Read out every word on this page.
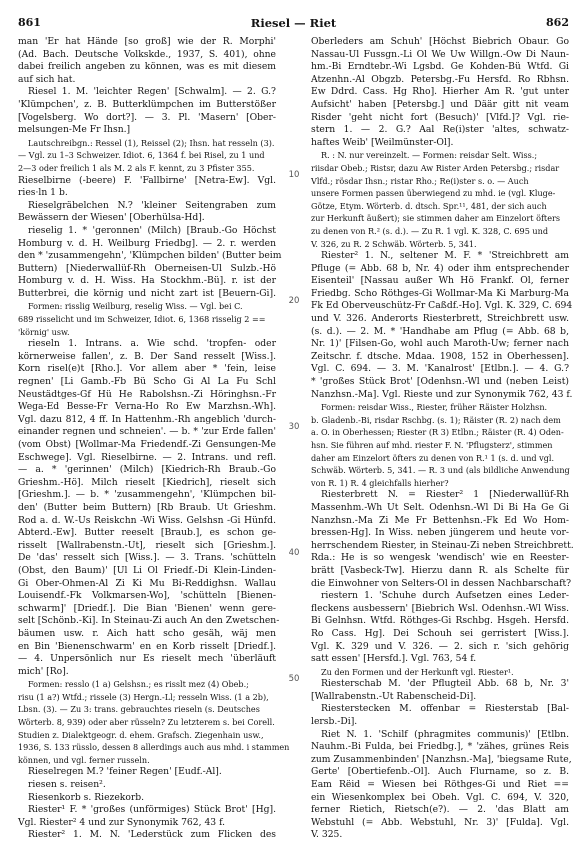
861	Riesel — Riet	862
man 'Er hat Hände [so groß] wie der R. Morphi'
(Ad. Bach. Deutsche Volkskde., 1937, S. 401), ohne
dabei freilich angeben zu können, was es mit diesem
auf sich hat.
Riesel 1. M. 'leichter Regen' [Schwalm]. — 2. G.?
'Klümpchen', z. B. Butterklümpchen im Butterstößer
[Vogelsberg. Wo dort?]. — 3. Pl. 'Masern' [Ober-
melsungen-Me Fr Ihsn.]
Lautschreibgn.: Ressel (1), Reissel (2); Ihsn. hat resseln (3).
— Vgl. zu 1–3 Schweizer. Idiot. 6, 1364 f. bei Risel, zu 1 und
2—3 oder freilich 1 als M. 2 als F. kennt, zu 3 Pfister 355.
Rieselbirne (-beere) F. 'Fallbirne' [Netra-Ew]. Vgl.
ries·ln 1 b.
Rieselgräbelchen N.? 'kleiner Seitengraben zum
Bewässern der Wiesen' [Oberhülsa-Hd].
rieselig 1. * 'geronnen' (Milch) [Braub.-Go Höchst
Homburg v. d. H. Weilburg Friedbg]. — 2. r. werden
den * 'zusammengehn', 'Klümpchen bilden' (Butter beim
Buttern) [Niederwallüf-Rh Oberneisen-Ul Sulzb.-Hö
Homburg v. d. H. Wiss. Ha Stockhm.-Bü]. r. ist der
Butterbrei, die körnig und nicht zart ist [Beuern-Gi].
Formen: risslig Weilburg, reselig Wiss. — Vgl. bei C.
689 risselicht und im Schweizer, Idiot. 6, 1368 risselig 2 ==
'körnig' usw.
rieseln 1. Intrans. a. Wie schd. 'tropfen- oder
körnerweise fallen', z. B. Der Sand resselt [Wiss.].
Korn risel(e)t [Rho.]. Vor allem aber * 'fein, leise
regnen' [Li Gamb.-Fb Bü Scho Gi Al La Fu Schl
Neustädtges-Gf Hü He Rabolshsn.-Zi Höringhsn.-Fr
Wega-Ed Besse-Fr Verna-Ho Ro Ew Marzhsn.-Wh].
Vgl. dazu 812, 4 ff. In Hattenhm.-Rh angeblich 'durch-
einander regnen und schneien'. — b. * 'zur Erde fallen'
(vom Obst) [Wollmar-Ma Friedendf.-Zi Gensungen-Me
Eschwege]. Vgl. Rieselbirne. — 2. Intrans. und refl.
— a. * 'gerinnen' (Milch) [Kiedrich-Rh Braub.-Go
Grieshm.-Hö]. Milch rieselt [Kiedrich], rieselt sich
[Grieshm.]. — b. * 'zusammengehn', 'Klümpchen bil-
den' (Butter beim Buttern) [Rb Braub. Ut Grieshm.
Rod a. d. W.-Us Reiskchn -Wi Wiss. Gelshsn -Gi Hünfd.
Abterd.-Ew]. Butter reeselt [Braub.], es schon ge-
risselt [Wallrabenstn.-Ut], rieselt sich [Grieshm.].
De 'das' resselt sich [Wiss.]. — 3. Trans. 'schütteln
(Obst, den Baum)' [Ul Li Ol Friedf.-Di Klein-Linden-
Gi Ober-Ohmen-Al Zi Ki Mu Bi-Reddighsn. Wallau
Louisendf.-Fk Volkmarsen-Wo], 'schütteln [Bienen-
schwarm]' [Driedf.]. Die Bian 'Bienen' wenn gere-
selt [Schönb.-Ki]. In Steinau-Zi auch An den Zwetschen-
bäumen usw. r. Aich hatt scho gesäh, wäj men
en Bin 'Bienenschwarm' en en Korb risselt [Driedf.].
— 4. Unpersönlich nur Es rieselt mech 'überläuft
mich' [Ro].
Formen: resslo (1 a) Gelshsn.; es risslt mez (4) Obeb.;
risu (1 a?) Wtfd.; rissele (3) Hergn.-Ll; resseln Wiss. (1 a 2b),
Lbsn. (3). — Zu 3: trans. gebrauchtes rieseln (s. Deutsches
Wörterb. 8, 939) oder aber rüsseln? Zu letzterem s. bei Corell.
Studien z. Dialektgeogr. d. ehem. Grafsch. Ziegenhain usw.,
1936, S. 133 rüsslo, dessen 8 allerdings auch aus mhd. i stammen
können, und vgl. ferner russeln.
Rieselregen M.? 'feiner Regen' [Eudf.-Al].
riesen s. reisen².
Riesenkorb s. Riezekorb.
Riester¹ F. * 'großes (unförmiges) Stück Brot' [Hg].
Vgl. Riester² 4 und zur Synonymik 762, 43 f.
Riester² 1. M. N. 'Lederstück zum Flicken des
10
20
30
40
50
Oberleders am Schuh' [Höchst Biebrich Obaur. Go
Nassau-Ul Fussgn.-Li Ol We Uw Willgn.-Ow Di Naun-
hm.-Bi Erndtebr.-Wi Lgsbd. Ge Kohden-Bü Wtfd. Gi
Atzenhn.-Al Obgzb. Petersbg.-Fu Hersfd. Ro Rbhsn.
Ew Ddrd. Cass. Hg Rho]. Hierher Am R. 'gut unter
Aufsicht' haben [Petersbg.] und Däär gitt nit veam
Risder 'geht nicht fort (Besuch)' [Vlfd.]? Vgl. rie-
stern 1. — 2. G.? Aal Re(i)ster 'altes, schwatz-
haftes Weib' [Weilmünster-Ol].
R. : N. nur vereinzelt. — Formen: reisdar Selt. Wiss.;
riisdar Obeb.; Ristsr, dazu Aw Rister Arden Petersbg.; risdar
Vlfd.; rösdar Ihsn.; ristar Rho.; Re(i)ster s. o. — Auch
unsere Formen passen überwiegend zu mhd. ie (vgl. Kluge-
Götze, Etym. Wörterb. d. dtsch. Spr.¹¹, 481, der sich auch
zur Herkunft äußert); sie stimmen daher am Einzelort öfters
zu denen von R.² (s. d.). — Zu R. 1 vgl. K. 328, C. 695 und
V. 326, zu R. 2 Schwäb. Wörterb. 5, 341.
Riester² 1. N., seltener M. F. * 'Streichbrett am
Pfluge (= Abb. 68 b, Nr. 4) oder ihm entsprechender
Eisenteil' [Nassau außer Wh Hö Frankf. Ol, ferner
Friedbg. Scho Röthges-Gi Wollmar-Ma Ki Marburg-Ma
Fk Ed Oberveuschütz-Fr Caßdf.-Ho]. Vgl. K. 329, C. 694
und V. 326. Anderorts Riesterbrett, Streichbrett usw.
(s. d.). — 2. M. * 'Handhabe am Pflug (= Abb. 68 b,
Nr. 1)' [Filsen-Go, wohl auch Maroth-Uw; ferner nach
Zeitschr. f. dtsche. Mdaa. 1908, 152 in Oberhessen].
Vgl. C. 694. — 3. M. 'Kanalrost' [Etlbn.]. — 4. G.?
* 'großes Stück Brot' [Odenhsn.-Wl und (neben Leist)
Nanzhsn.-Ma]. Vgl. Rieste und zur Synonymik 762, 43 f.
Formen: reisdar Wiss., Riester, früher Räister Holzhsn.
b. Gladenb.-Bi, risdar Rschbg. (s. 1); Räister (R. 2) nach dem
a. O. in Oberhessen; Riester (R 3) Etlbn.; Räister (R. 4) Oden-
hsn. Sie führen auf mhd. riester F. N. 'Pflugsterz', stimmen
daher am Einzelort öfters zu denen von R.¹ 1 (s. d. und vgl.
Schwäb. Wörterb. 5, 341. — R. 3 und (als bildliche Anwendung
von R. 1) R. 4 gleichfalls hierher?
Riesterbrett N. = Riester² 1 [Niederwallüf-Rh
Massenhm.-Wh Ut Selt. Odenhsn.-Wl Di Bi Ha Ge Gi
Nanzhsn.-Ma Zi Me Fr Bettenhsn.-Fk Ed Wo Hom-
bressen-Hg]. In Wiss. neben jüngerem und heute vor-
herrschendem Riester, in Steinau-Zi neben Streichbrett.
Rda.: He is so wengesk 'wendisch' wie en Reester-
brätt [Vasbeck-Tw]. Hierzu dann R. als Schelte für
die Einwohner von Selters-Ol in dessen Nachbarschaft?
riestern 1. 'Schuhe durch Aufsetzen eines Leder-
fleckens ausbessern' [Biebrich Wsl. Odenhsn.-Wl Wiss.
Bi Gelnhsn. Wtfd. Röthges-Gi Rschbg. Hsgeh. Hersfd.
Ro Cass. Hg]. Dei Schouh sei gerristert [Wiss.].
Vgl. K. 329 und V. 326. — 2. sich r. 'sich gehörig
satt essen' [Hersfd.]. Vgl. 763, 54 f.
Zu den Formen und der Herkunft vgl. Riester¹.
Riesterschab M. 'der Pflugteil Abb. 68 b, Nr. 3'
[Wallrabenstn.-Ut Rabenscheid-Di].
Riesterstecken M. offenbar = Riesterstab [Bal-
lersb.-Di].
Riet N. 1. 'Schilf (phragmites communis)' [Etlbn.
Nauhm.-Bi Fulda, bei Friedbg.], * 'zähes, grünes Reis
zum Zusammenbinden' [Nanzhsn.-Ma], 'biegsame Rute,
Gerte' [Obertiefenb.-Ol]. Auch Flurname, so z. B.
Eam Rëid = Wiesen bei Röthges-Gi und Riet ==
ein Wiesenkomplex bei Obeh. Vgl. C. 694, V. 320,
ferner Rietich, Rietsch(e?). — 2. 'das Blatt am
Webstuhl (= Abb. Webstuhl, Nr. 3)' [Fulda]. Vgl.
V. 325.
